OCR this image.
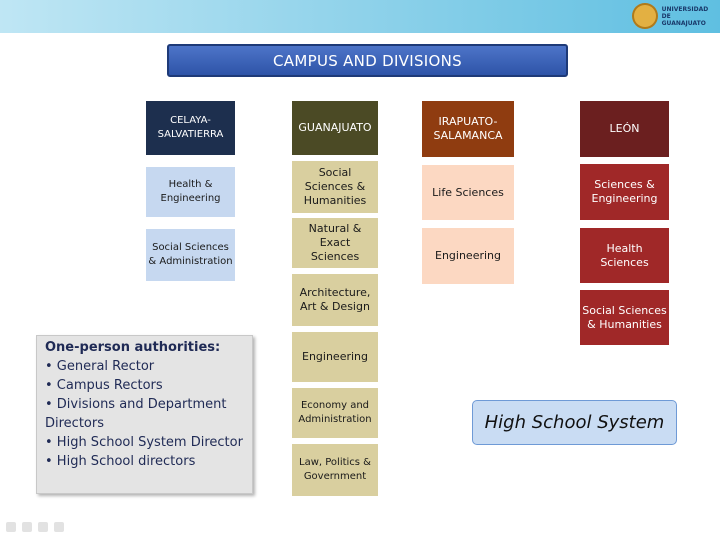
UNIVERSIDAD
DE GUANAJUATO
CAMPUS AND DIVISIONS
CELAYA-SALVATIERRA
Health & Engineering
Social Sciences & Administration
GUANAJUATO
Social Sciences & Humanities
Natural & Exact Sciences
Architecture, Art & Design
Engineering
Economy and Administration
Law, Politics & Government
IRAPUATO-SALAMANCA
Life Sciences
Engineering
LEÓN
Sciences & Engineering
Health Sciences
Social Sciences & Humanities
One-person authorities:
• General Rector
• Campus Rectors
• Divisions and Department Directors
• High School System Director
• High School directors
High School System
